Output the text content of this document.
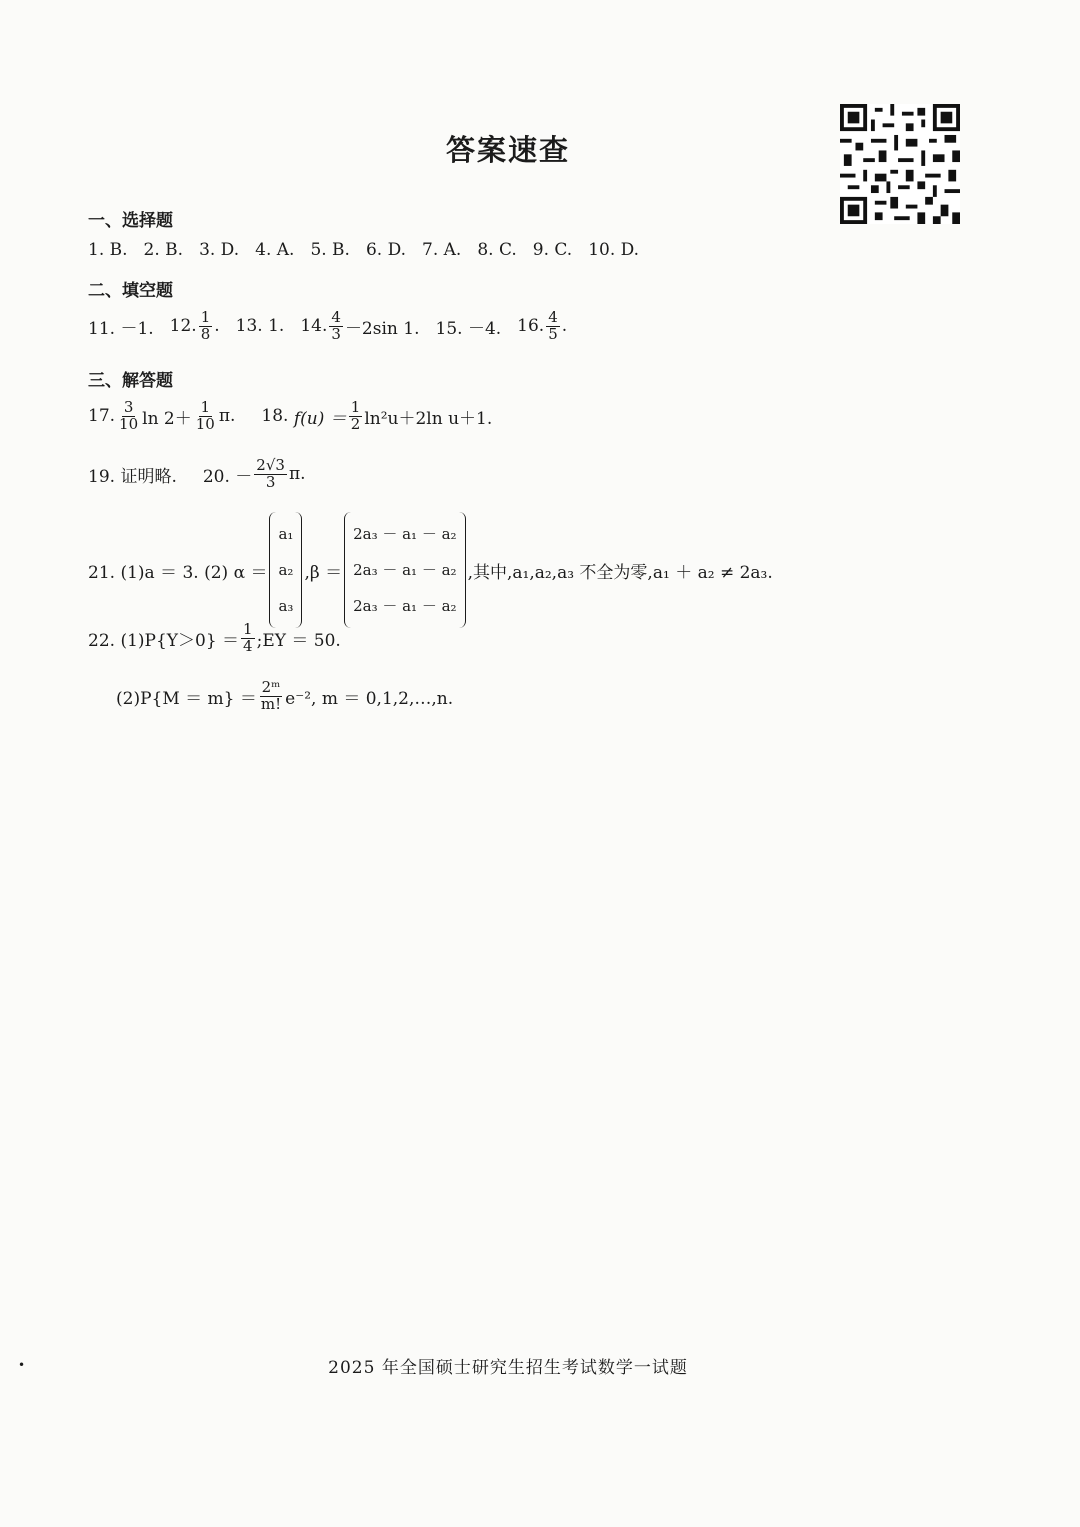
答案速查
一、选择题
1. B. 2. B. 3. D. 4. A. 5. B. 6. D. 7. A. 8. C. 9. C. 10. D.
二、填空题
11. －1. 12. $\frac{1}{8}$ . 13. 1. 14. $\frac{4}{3} -2\sin$ 1. 15. －4. 16. $\frac{4}{5}$ .
三、解答题
17. $\frac{3}{10}$ $\ln 2+ \frac{1}{10} \pi$. 18.
$f(u) = \frac{1}{2} \ln^2u+2\ln$ u＋1.
19. 证明略. 20. － $\frac{2√3}{3} \pi$.
21. (1)a ＝ 3. (2) α ＝
a₁
a₂
a₃
,β ＝
2a₃ － a₁ － a₂
2a₃ － a₁ － a₂
2a₃ － a₁ － a₂
,其中,a₁,a₂,a₃ 不全为零,a₁ ＋ a₂ ≠ 2a₃.
22. $(1)P\{Y>0\} = \frac{1}{4}$ ;EY ＝ 50.
$(2)P\{M = m\} = \frac{\text{2ᵐ}}{m!} e^{-2}$, m ＝ 0,1,2,…,n.
•	2025 年全国硕士研究生招生考试数学一试题
